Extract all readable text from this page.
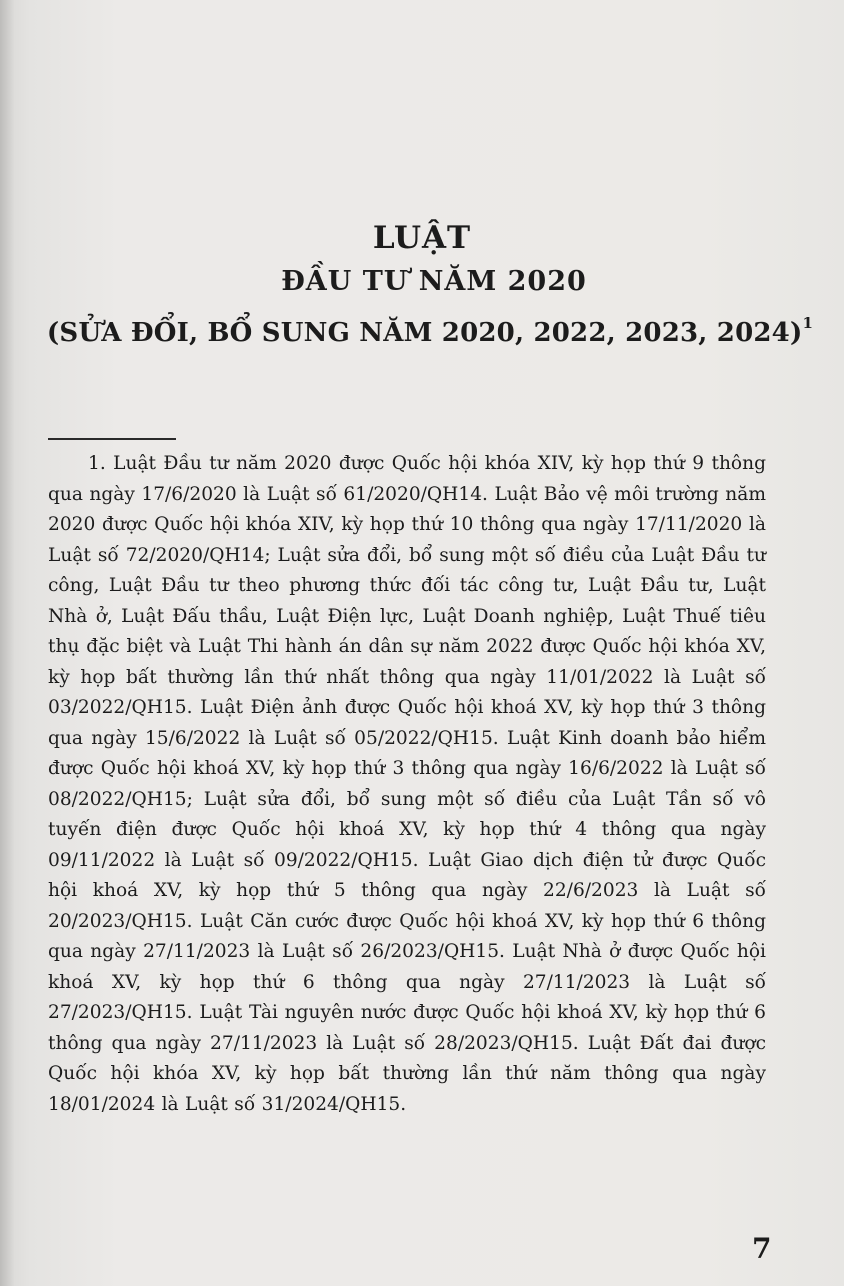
LUẬT
ĐẦU TƯ NĂM 2020
(SỬA ĐỔI, BỔ SUNG NĂM 2020, 2022, 2023, 2024)$^1$
1. Luật Đầu tư năm 2020 được Quốc hội khóa XIV, kỳ họp thứ 9 thông qua ngày 17/6/2020 là Luật số 61/2020/QH14. Luật Bảo vệ môi trường năm 2020 được Quốc hội khóa XIV, kỳ họp thứ 10 thông qua ngày 17/11/2020 là Luật số 72/2020/QH14; Luật sửa đổi, bổ sung một số điều của Luật Đầu tư công, Luật Đầu tư theo phương thức đối tác công tư, Luật Đầu tư, Luật Nhà ở, Luật Đấu thầu, Luật Điện lực, Luật Doanh nghiệp, Luật Thuế tiêu thụ đặc biệt và Luật Thi hành án dân sự năm 2022 được Quốc hội khóa XV, kỳ họp bất thường lần thứ nhất thông qua ngày 11/01/2022 là Luật số 03/2022/QH15. Luật Điện ảnh được Quốc hội khoá XV, kỳ họp thứ 3 thông qua ngày 15/6/2022 là Luật số 05/2022/QH15. Luật Kinh doanh bảo hiểm được Quốc hội khoá XV, kỳ họp thứ 3 thông qua ngày 16/6/2022 là Luật số 08/2022/QH15; Luật sửa đổi, bổ sung một số điều của Luật Tần số vô tuyến điện được Quốc hội khoá XV, kỳ họp thứ 4 thông qua ngày 09/11/2022 là Luật số 09/2022/QH15. Luật Giao dịch điện tử được Quốc hội khoá XV, kỳ họp thứ 5 thông qua ngày 22/6/2023 là Luật số 20/2023/QH15. Luật Căn cước được Quốc hội khoá XV, kỳ họp thứ 6 thông qua ngày 27/11/2023 là Luật số 26/2023/QH15. Luật Nhà ở được Quốc hội khoá XV, kỳ họp thứ 6 thông qua ngày 27/11/2023 là Luật số 27/2023/QH15. Luật Tài nguyên nước được Quốc hội khoá XV, kỳ họp thứ 6 thông qua ngày 27/11/2023 là Luật số 28/2023/QH15. Luật Đất đai được Quốc hội khóa XV, kỳ họp bất thường lần thứ năm thông qua ngày 18/01/2024 là Luật số 31/2024/QH15.
7
